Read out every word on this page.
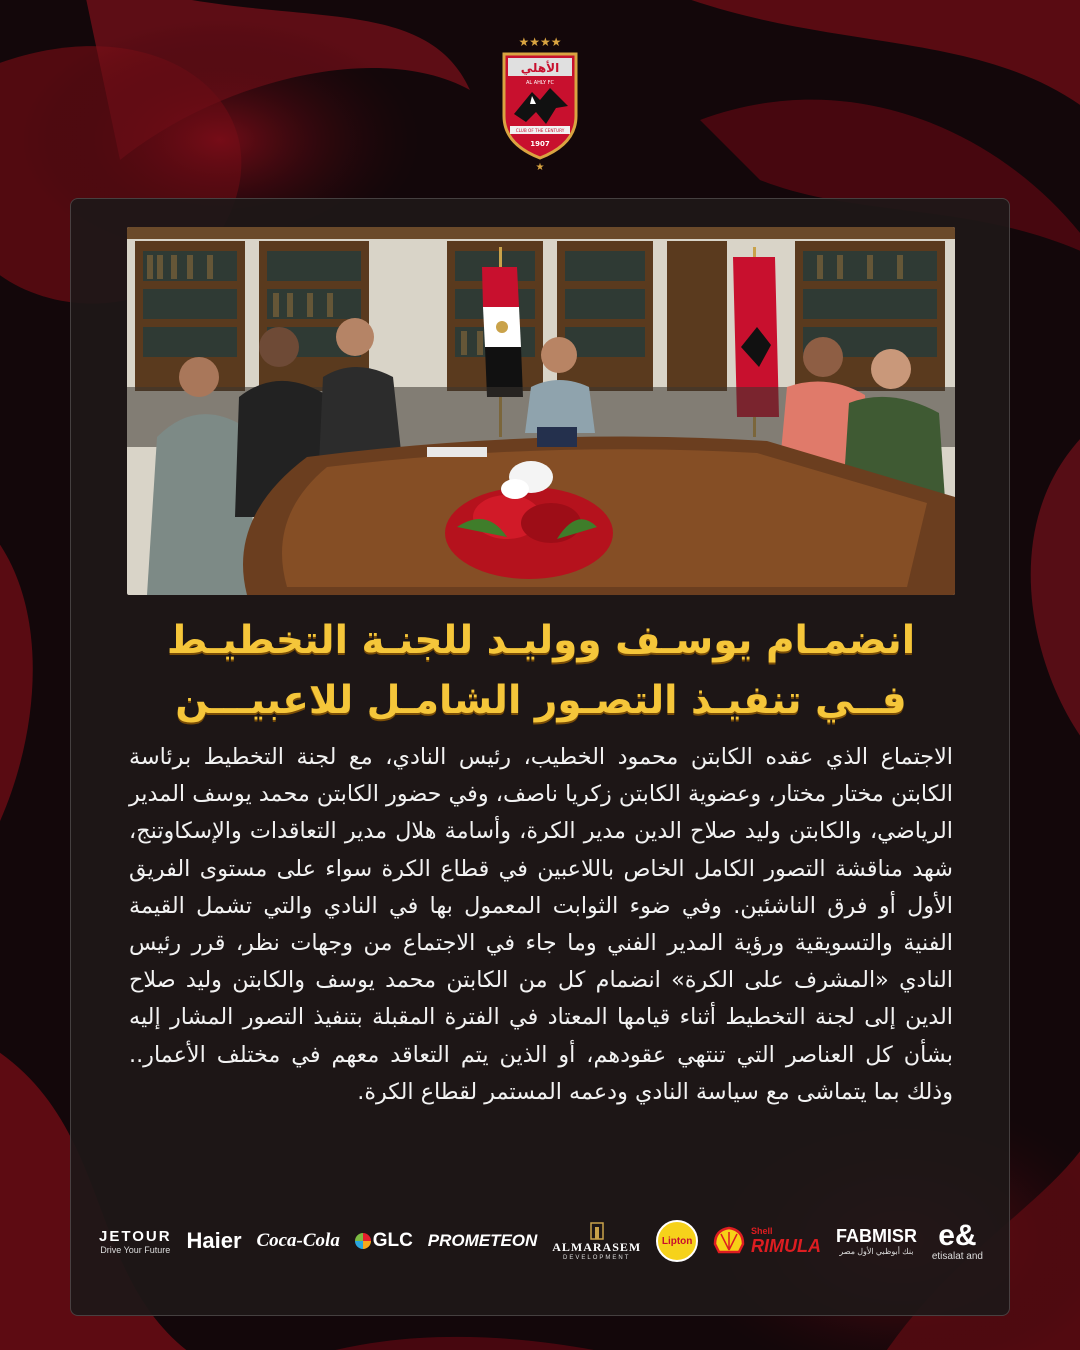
★★★★
الأهلي
AL AHLY FC
CLUB OF THE CENTURY
1907
★
انضمـام يوسـف ووليـد للجنـة التخطيـط
فــي تنفيـذ التصـور الشامـل للاعبيـــن
الاجتماع الذي عقده الكابتن محمود الخطيب، رئيس النادي، مع لجنة التخطيط برئاسة الكابتن مختار مختار، وعضوية الكابتن زكريا ناصف، وفي حضور الكابتن محمد يوسف المدير الرياضي، والكابتن وليد صلاح الدين مدير الكرة، وأسامة هلال مدير التعاقدات والإسكاوتنج، شهد مناقشة التصور الكامل الخاص باللاعبين في قطاع الكرة سواء على مستوى الفريق الأول أو فرق الناشئين. وفي ضوء الثوابت المعمول بها في النادي والتي تشمل القيمة الفنية والتسويقية ورؤية المدير الفني وما جاء في الاجتماع من وجهات نظر، قرر رئيس النادي «المشرف على الكرة» انضمام كل من الكابتن محمد يوسف والكابتن وليد صلاح الدين إلى لجنة التخطيط أثناء قيامها المعتاد في الفترة المقبلة بتنفيذ التصور المشار إليه بشأن كل العناصر التي تنتهي عقودهم، أو الذين يتم التعاقد معهم في مختلف الأعمار.. وذلك بما يتماشى مع سياسة النادي ودعمه المستمر لقطاع الكرة.
JETOUR
Drive Your Future Haier Coca-Cola GLC PROMETEON ALMARASEM
DEVELOPMENT
Lipton
Shell
RIMULA FABMISR
بنك أبوظبي الأول مصر e&
etisalat and
